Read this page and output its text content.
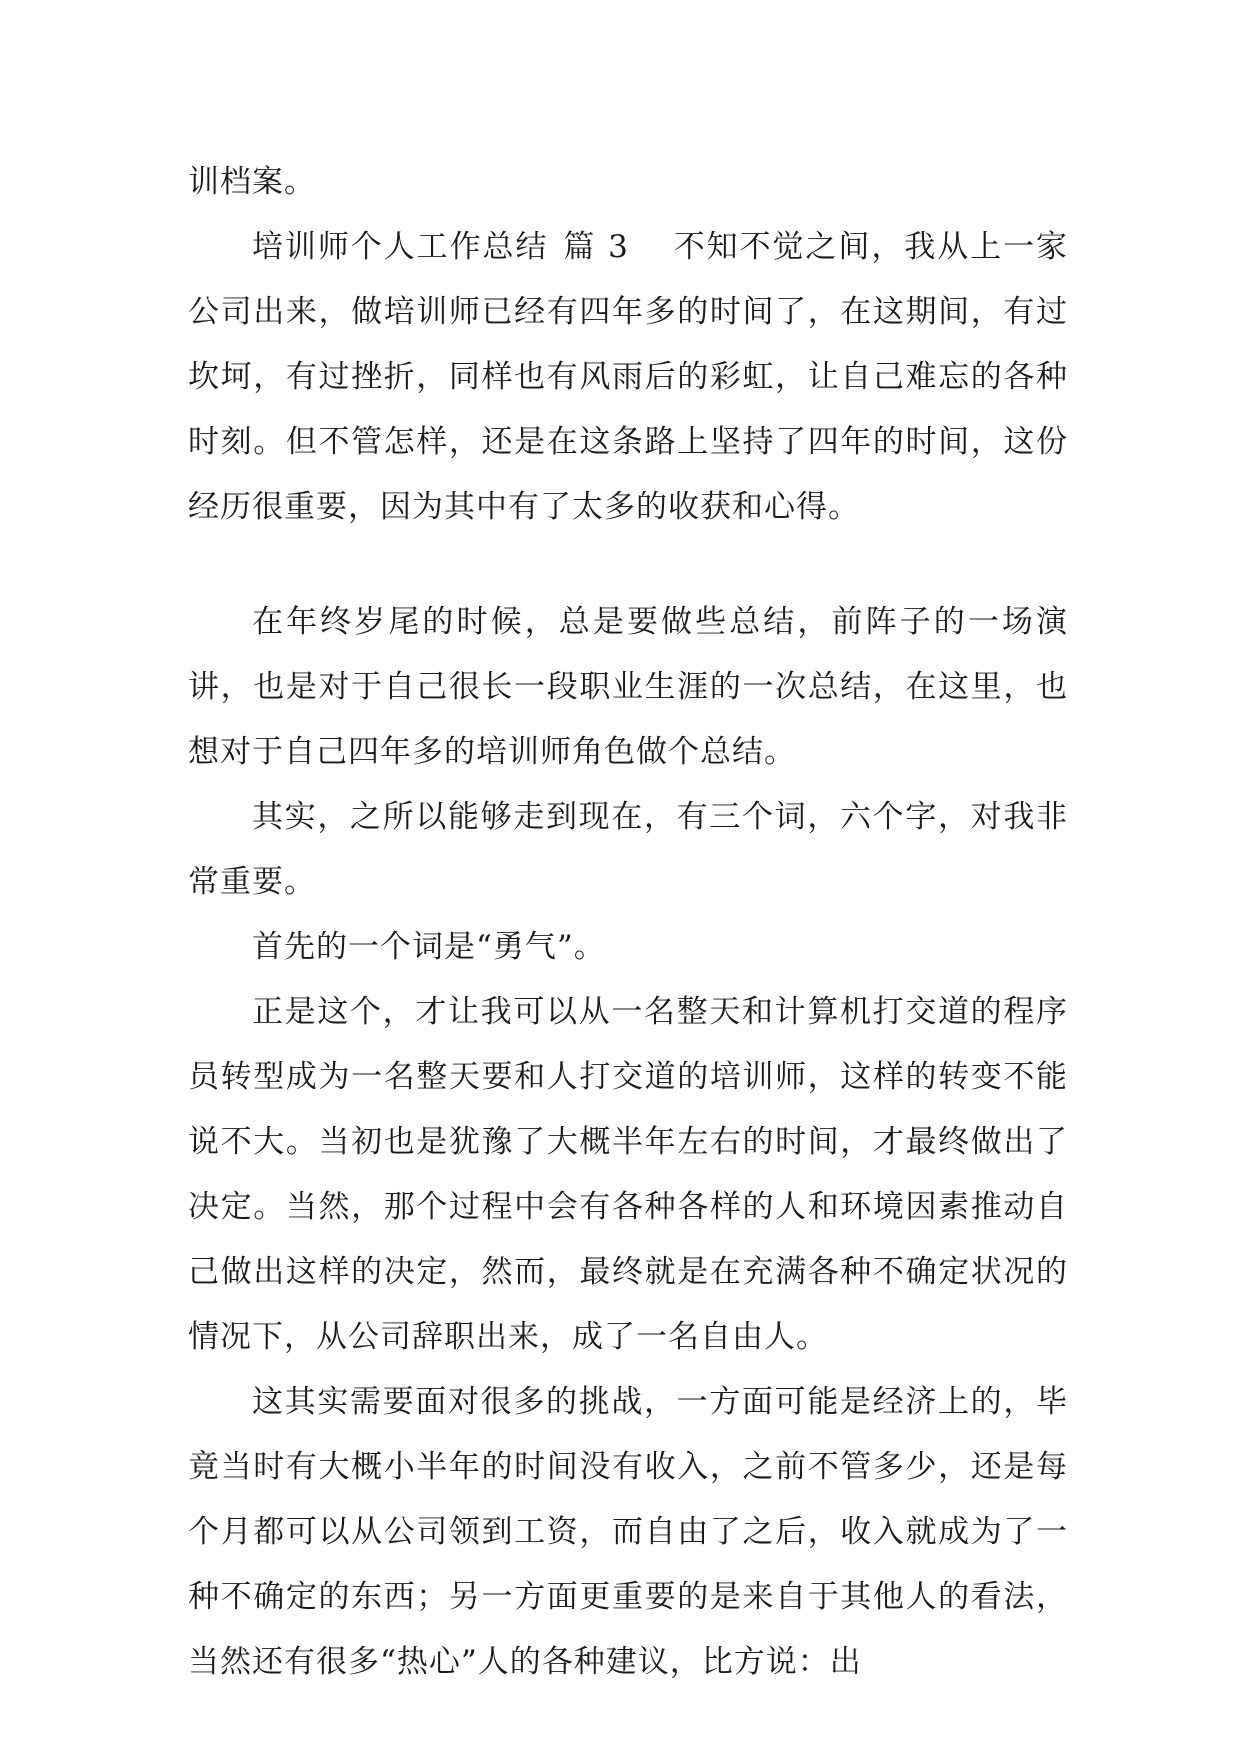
训档案。

培训师个人工作总结 篇 3 不知不觉之间，我从上一家公司出来，做培训师已经有四年多的时间了，在这期间，有过坎坷，有过挫折，同样也有风雨后的彩虹，让自己难忘的各种时刻。但不管怎样，还是在这条路上坚持了四年的时间，这份经历很重要，因为其中有了太多的收获和心得。

在年终岁尾的时候，总是要做些总结，前阵子的一场演讲，也是对于自己很长一段职业生涯的一次总结，在这里，也想对于自己四年多的培训师角色做个总结。

其实，之所以能够走到现在，有三个词，六个字，对我非常重要。

首先的一个词是“勇气”。

正是这个，才让我可以从一名整天和计算机打交道的程序员转型成为一名整天要和人打交道的培训师，这样的转变不能说不大。当初也是犹豫了大概半年左右的时间，才最终做出了决定。当然，那个过程中会有各种各样的人和环境因素推动自己做出这样的决定，然而，最终就是在充满各种不确定状况的情况下，从公司辞职出来，成了一名自由人。

这其实需要面对很多的挑战，一方面可能是经济上的，毕竟当时有大概小半年的时间没有收入，之前不管多少，还是每个月都可以从公司领到工资，而自由了之后，收入就成为了一种不确定的东西；另一方面更重要的是来自于其他人的看法，当然还有很多“热心”人的各种建议，比方说：出
